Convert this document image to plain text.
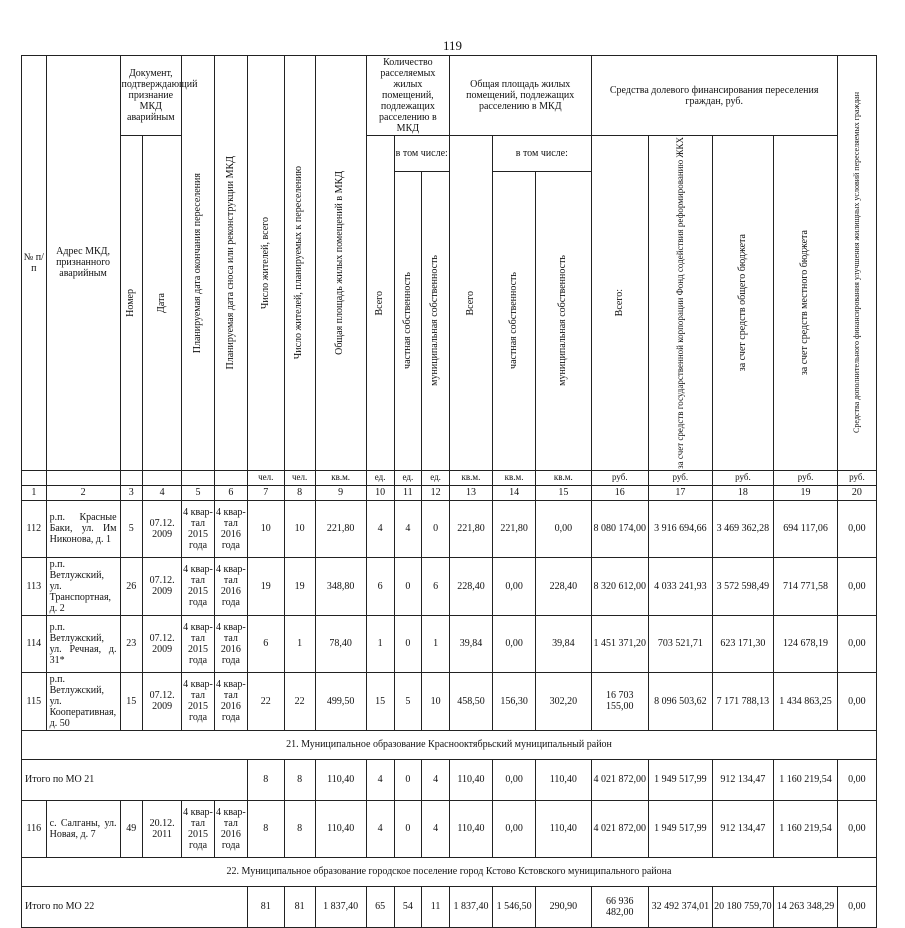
119
№ п/п	Адрес МКД, признанного аварийным	Документ, подтверждающий признание МКД аварийным		Планируемая дата окончания переселения	Планируемая дата сноса или реконструкции МКД	Число жителей, всего	Число жителей, планируемых к переселению	Общая площадь жилых помещений в МКД	Количество расселяемых жилых помещений, подлежащих расселению в МКД			Общая площадь жилых помещений, подлежащих расселению в МКД			Средства долевого финансирования переселения граждан, руб.				Средства дополнительного финансирования улучшения жилищных условий переселяемых граждан

		Номер	Дата						Всего	в том числе:		Всего	в том числе:		Всего:	за счет средств государственной корпорации Фонд содействия реформированию ЖКХ	за счет средств общего бюджета	за счет средств местного бюджета	

										частная собственность	муниципальная собственность		частная собственность	муниципальная собственность					

						чел.	чел.	кв.м.	ед.	ед.	ед.	кв.м.	кв.м.	кв.м.	руб.	руб.	руб.	руб.	руб.
1	2	3	4	5	6	7	8	9	10	11	12	13	14	15	16	17	18	19	20
112	р.п. Красные Баки, ул. Им Никонова, д. 1	5	07.12. 2009	4 квар- тал 2015 года	4 квар- тал 2016 года	10	10	221,80	4	4	0	221,80	221,80	0,00	8 080 174,00	3 916 694,66	3 469 362,28	694 117,06	0,00
113	р.п. Ветлужский, ул. Транспортная, д. 2	26	07.12. 2009	4 квар- тал 2015 года	4 квар- тал 2016 года	19	19	348,80	6	0	6	228,40	0,00	228,40	8 320 612,00	4 033 241,93	3 572 598,49	714 771,58	0,00
114	р.п. Ветлужский, ул. Речная, д. 31*	23	07.12. 2009	4 квар- тал 2015 года	4 квар- тал 2016 года	6	1	78,40	1	0	1	39,84	0,00	39,84	1 451 371,20	703 521,71	623 171,30	124 678,19	0,00
115	р.п. Ветлужский, ул. Кооперативная, д. 50	15	07.12. 2009	4 квар- тал 2015 года	4 квар- тал 2016 года	22	22	499,50	15	5	10	458,50	156,30	302,20	16 703 155,00	8 096 503,62	7 171 788,13	1 434 863,25	0,00
21. Муниципальное образование Краснооктябрьский муниципальный район																			
Итого по МО 21						8	8	110,40	4	0	4	110,40	0,00	110,40	4 021 872,00	1 949 517,99	912 134,47	1 160 219,54	0,00
116	с. Салганы, ул. Новая, д. 7	49	20.12. 2011	4 квар- тал 2015 года	4 квар- тал 2016 года	8	8	110,40	4	0	4	110,40	0,00	110,40	4 021 872,00	1 949 517,99	912 134,47	1 160 219,54	0,00
22. Муниципальное образование городское поселение город Кстово Кстовского муниципального района																			
Итого по МО 22						81	81	1 837,40	65	54	11	1 837,40	1 546,50	290,90	66 936 482,00	32 492 374,01	20 180 759,70	14 263 348,29	0,00
